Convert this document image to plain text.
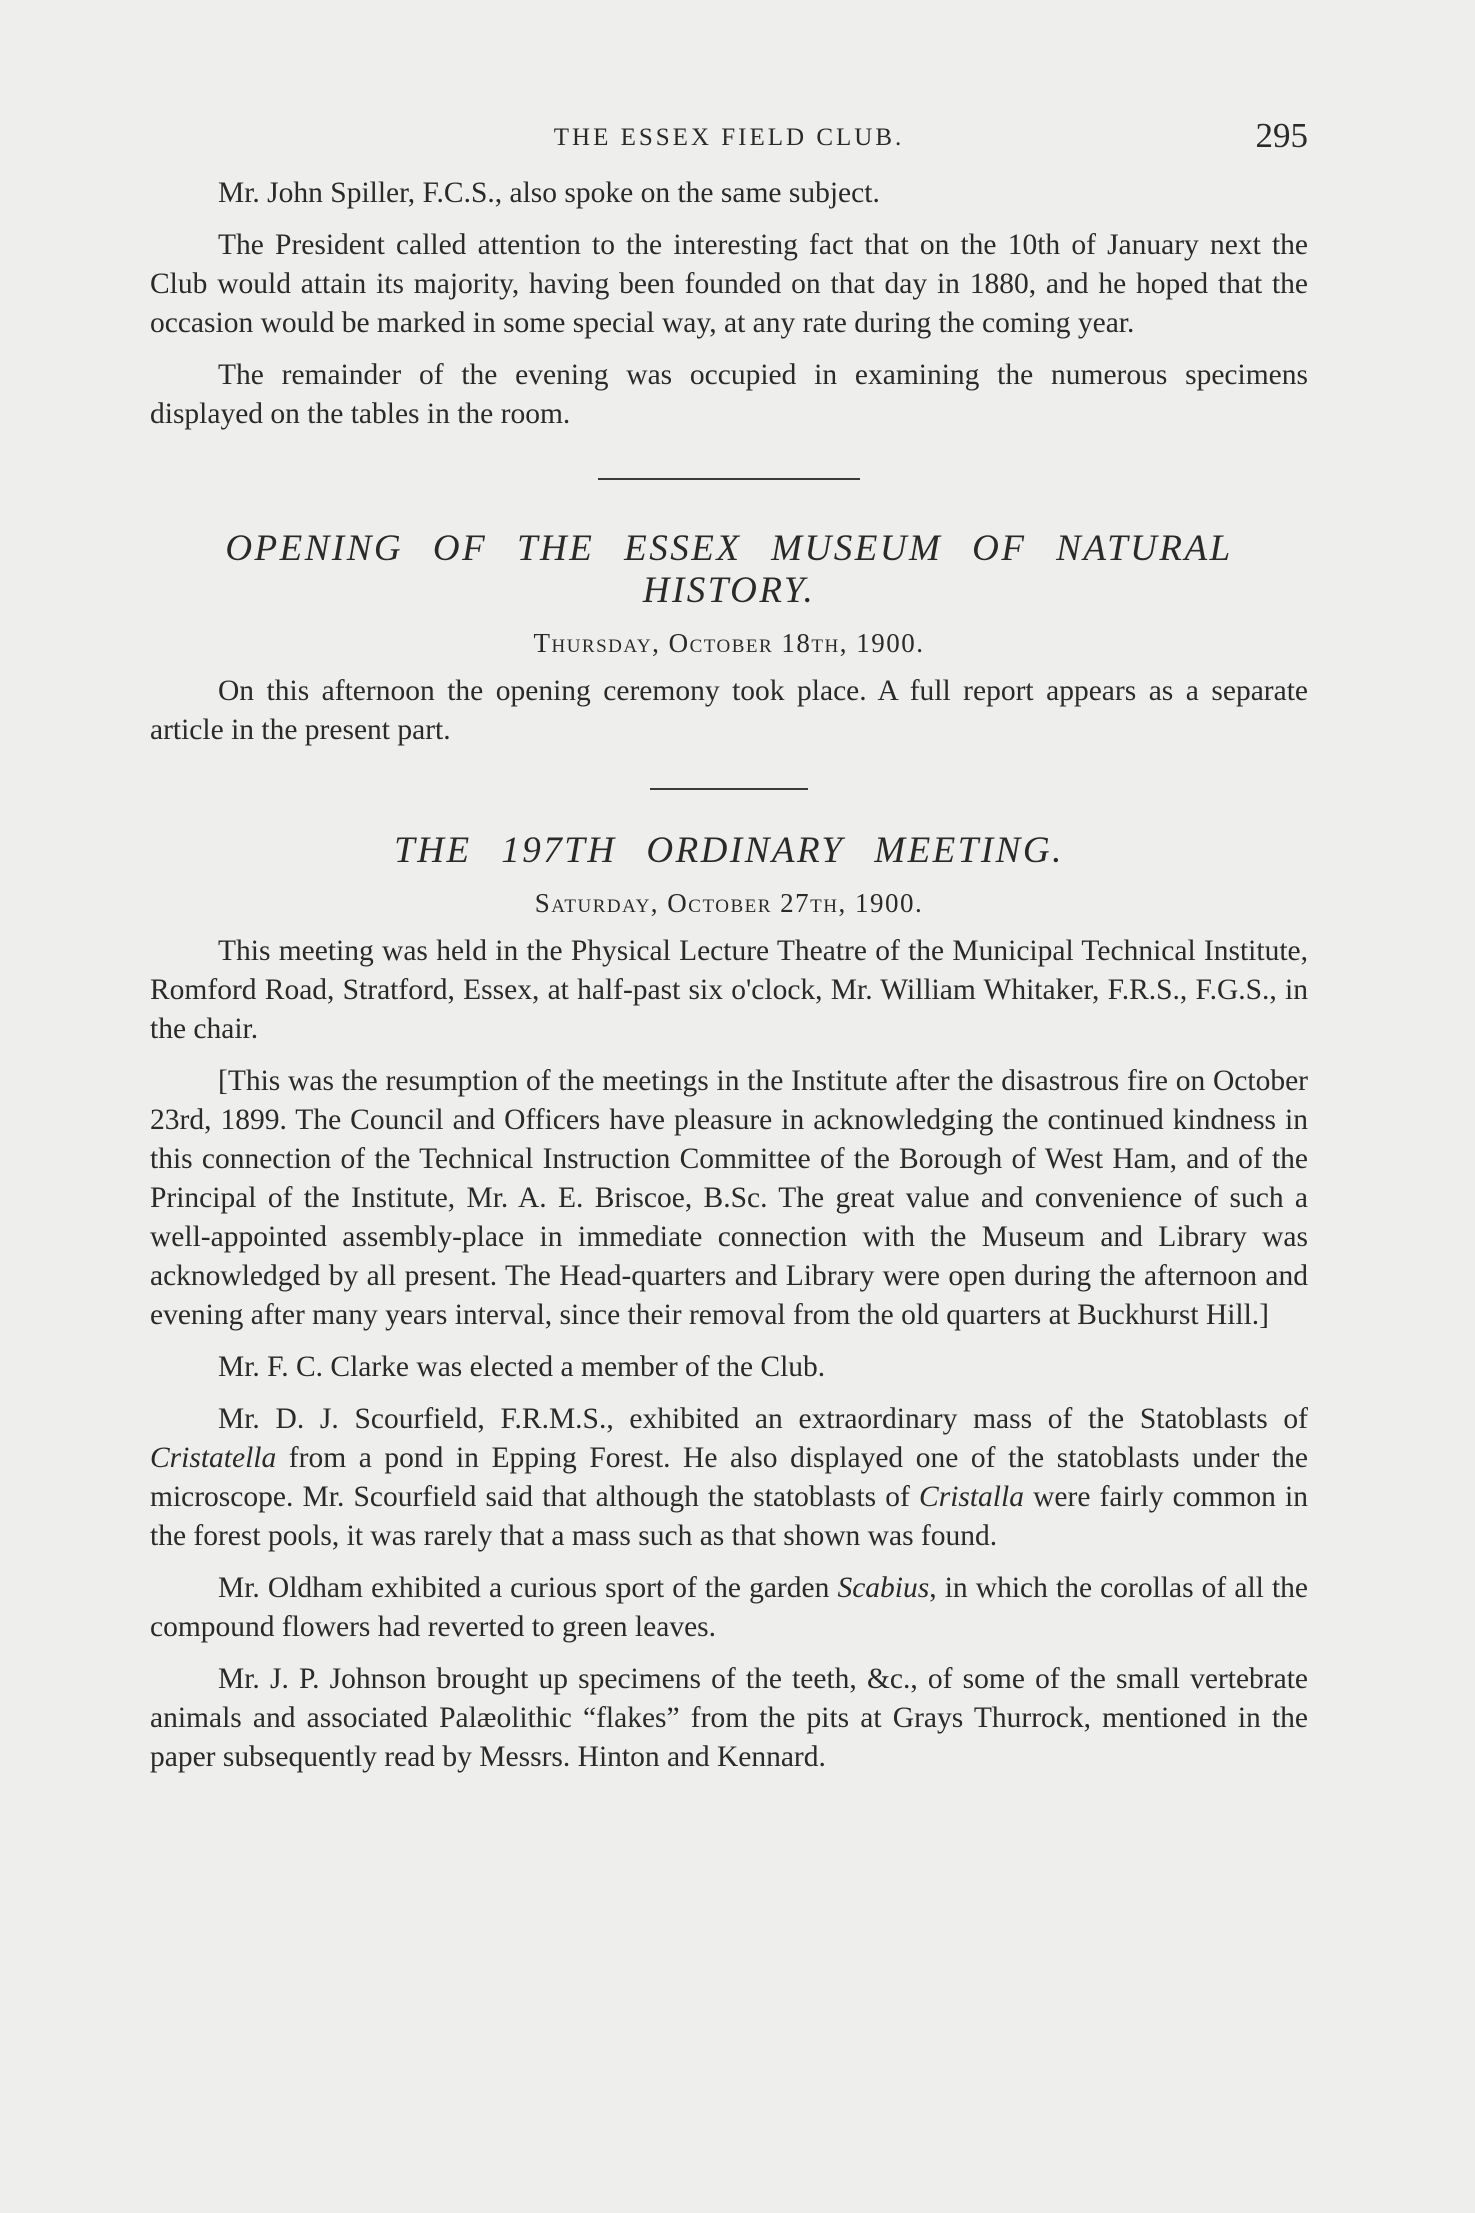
THE ESSEX FIELD CLUB.	295

Mr. John Spiller, F.C.S., also spoke on the same subject.

The President called attention to the interesting fact that on the 10th of January next the Club would attain its majority, having been founded on that day in 1880, and he hoped that the occasion would be marked in some special way, at any rate during the coming year.

The remainder of the evening was occupied in examining the numerous specimens displayed on the tables in the room.

OPENING OF THE ESSEX MUSEUM OF NATURAL HISTORY.
Thursday, October 18th, 1900.

On this afternoon the opening ceremony took place. A full report appears as a separate article in the present part.

THE 197TH ORDINARY MEETING.
Saturday, October 27th, 1900.

This meeting was held in the Physical Lecture Theatre of the Municipal Technical Institute, Romford Road, Stratford, Essex, at half-past six o'clock, Mr. William Whitaker, F.R.S., F.G.S., in the chair.

[This was the resumption of the meetings in the Institute after the disastrous fire on October 23rd, 1899. The Council and Officers have pleasure in acknowledging the continued kindness in this connection of the Technical Instruction Committee of the Borough of West Ham, and of the Principal of the Institute, Mr. A. E. Briscoe, B.Sc. The great value and convenience of such a well-appointed assembly-place in immediate connection with the Museum and Library was acknowledged by all present. The Head-quarters and Library were open during the afternoon and evening after many years interval, since their removal from the old quarters at Buckhurst Hill.]

Mr. F. C. Clarke was elected a member of the Club.

Mr. D. J. Scourfield, F.R.M.S., exhibited an extraordinary mass of the Statoblasts of Cristatella from a pond in Epping Forest. He also displayed one of the statoblasts under the microscope. Mr. Scourfield said that although the statoblasts of Cristalla were fairly common in the forest pools, it was rarely that a mass such as that shown was found.

Mr. Oldham exhibited a curious sport of the garden Scabius, in which the corollas of all the compound flowers had reverted to green leaves.

Mr. J. P. Johnson brought up specimens of the teeth, &c., of some of the small vertebrate animals and associated Palæolithic “flakes” from the pits at Grays Thurrock, mentioned in the paper subsequently read by Messrs. Hinton and Kennard.
